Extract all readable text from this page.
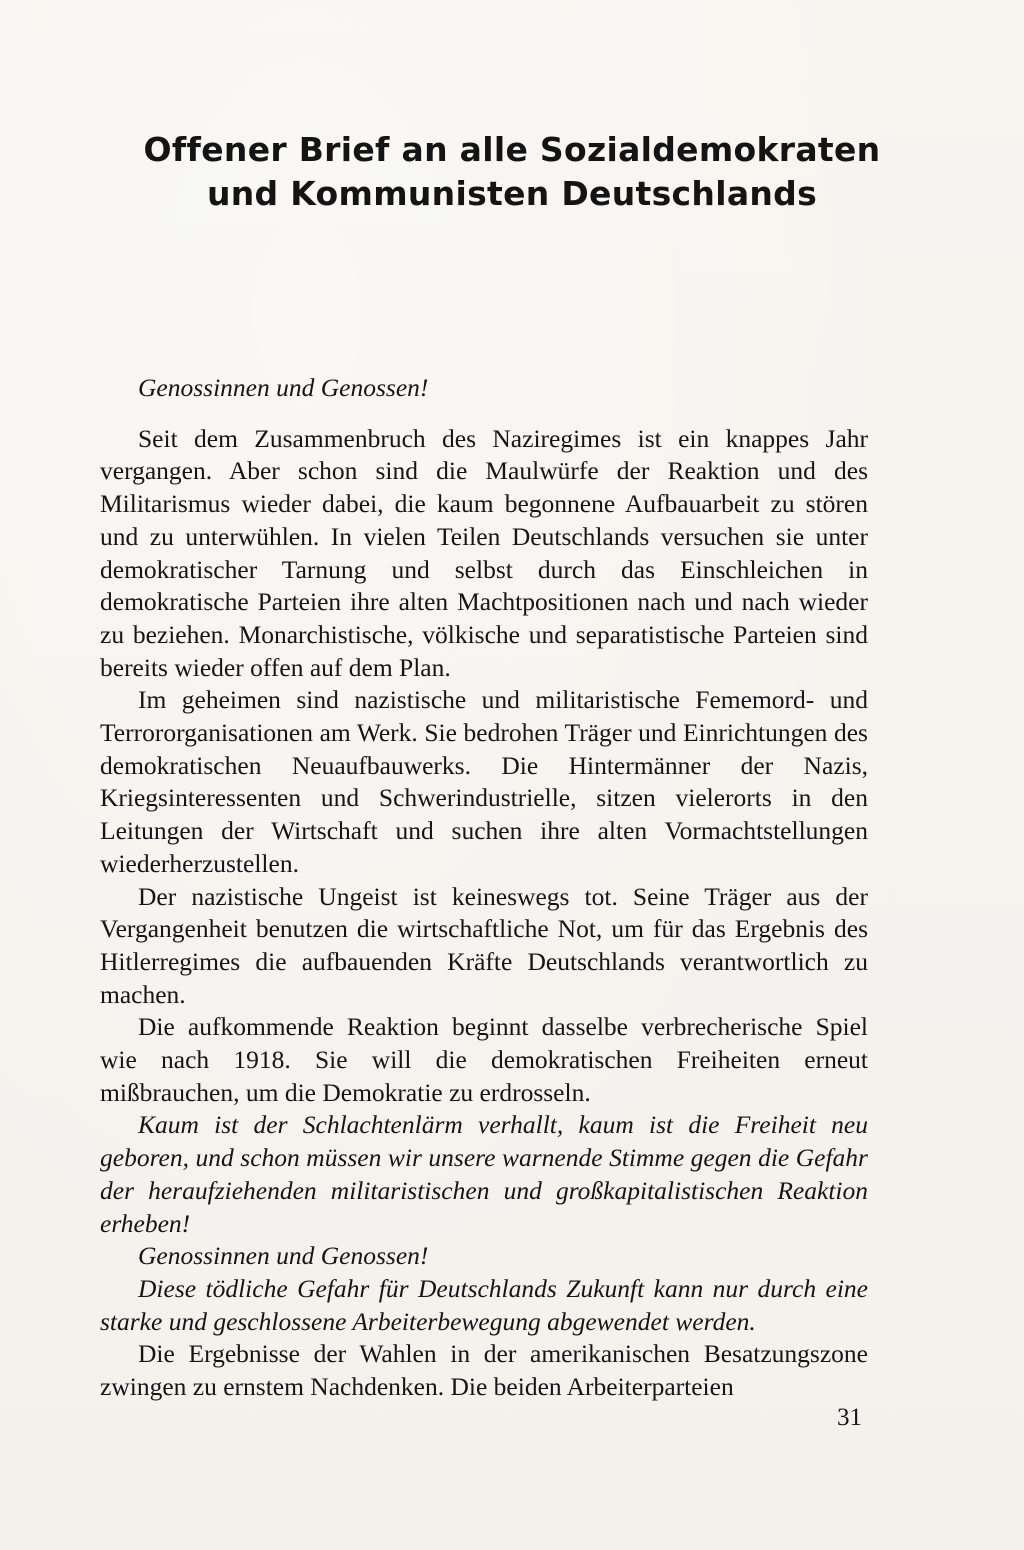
Offener Brief an alle Sozialdemokraten
und Kommunisten Deutschlands

Genossinnen und Genossen!

Seit dem Zusammenbruch des Naziregimes ist ein knappes Jahr vergangen. Aber schon sind die Maulwürfe der Reaktion und des Militarismus wieder dabei, die kaum begonnene Aufbauarbeit zu stören und zu unterwühlen. In vielen Teilen Deutschlands versuchen sie unter demokratischer Tarnung und selbst durch das Einschleichen in demokratische Parteien ihre alten Machtpositionen nach und nach wieder zu beziehen. Monarchistische, völkische und separatistische Parteien sind bereits wieder offen auf dem Plan.

Im geheimen sind nazistische und militaristische Fememord- und Terrororganisationen am Werk. Sie bedrohen Träger und Einrichtungen des demokratischen Neuaufbauwerks. Die Hintermänner der Nazis, Kriegsinteressenten und Schwerindustrielle, sitzen vielerorts in den Leitungen der Wirtschaft und suchen ihre alten Vormachtstellungen wiederherzustellen.

Der nazistische Ungeist ist keineswegs tot. Seine Träger aus der Vergangenheit benutzen die wirtschaftliche Not, um für das Ergebnis des Hitlerregimes die aufbauenden Kräfte Deutschlands verantwortlich zu machen.

Die aufkommende Reaktion beginnt dasselbe verbrecherische Spiel wie nach 1918. Sie will die demokratischen Freiheiten erneut mißbrauchen, um die Demokratie zu erdrosseln.

Kaum ist der Schlachtenlärm verhallt, kaum ist die Freiheit neu geboren, und schon müssen wir unsere warnende Stimme gegen die Gefahr der heraufziehenden militaristischen und großkapitalistischen Reaktion erheben!

Genossinnen und Genossen!

Diese tödliche Gefahr für Deutschlands Zukunft kann nur durch eine starke und geschlossene Arbeiterbewegung abgewendet werden.

Die Ergebnisse der Wahlen in der amerikanischen Besatzungszone zwingen zu ernstem Nachdenken. Die beiden Arbeiterparteien

31
